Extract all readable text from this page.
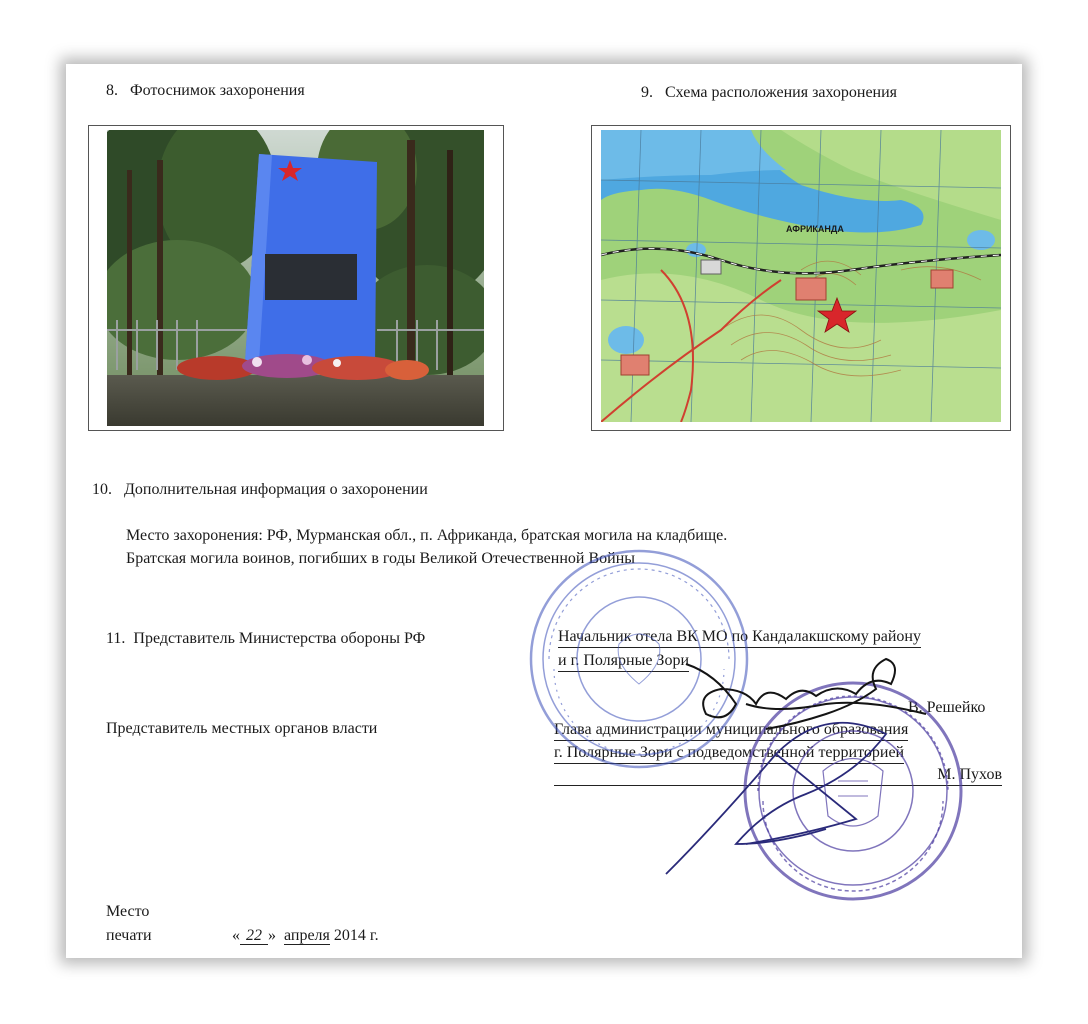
8. Фотоснимок захоронения	9. Схема расположения захоронения
АФРИКАНДА
10. Дополнительная информация о захоронении
Место захоронения: РФ, Мурманская обл., п. Африканда, братская могила на кладбище.
Братская могила воинов, погибших в годы Великой Отечественной Войны
11. Представитель Министерства обороны РФ	Начальник отела ВК МО по Кандалакшскому району
и г. Полярные Зори
В. Решейко
Представитель местных органов власти	Глава администрации муниципального образования
г. Полярные Зори с подведомственной территорией
М. Пухов
Место
печати	« 22 » апреля 2014 г.
